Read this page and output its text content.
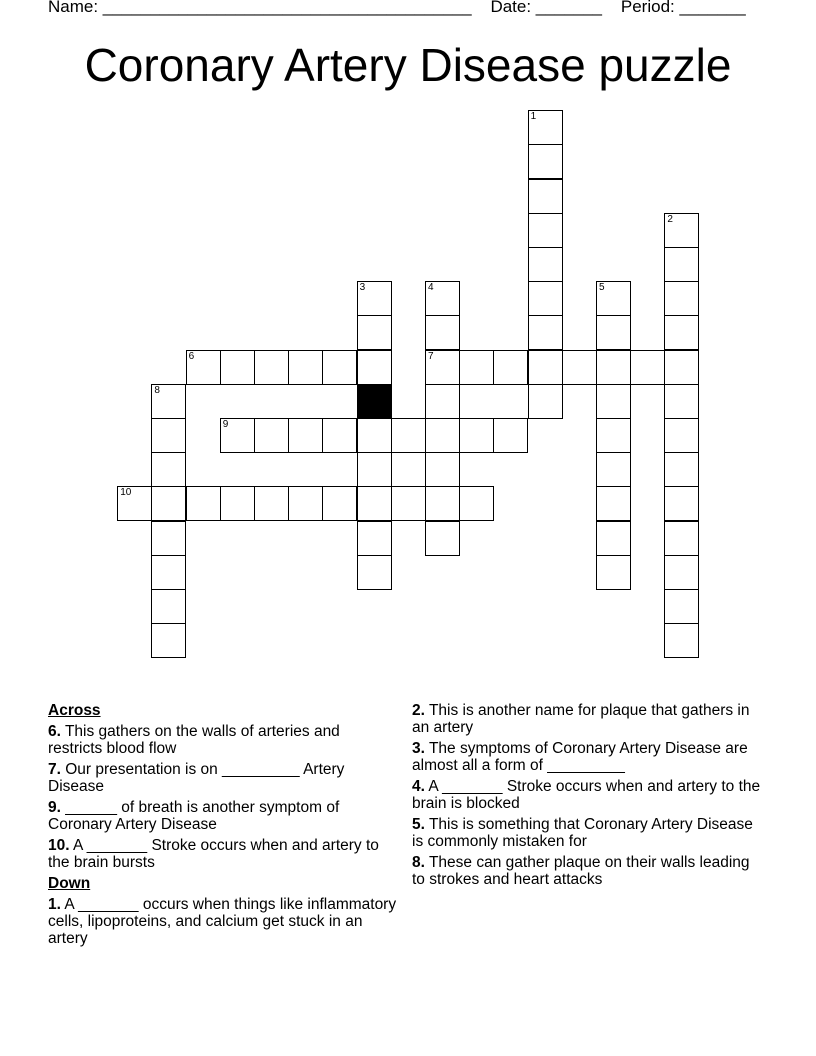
Name: _______________________________________ Date: _______ Period: _______
Coronary Artery Disease puzzle
1
2
3	4
7
5
6
8
9
10
Across
6. This gathers on the walls of arteries and restricts blood flow
7. Our presentation is on _________ Artery Disease
9. ______ of breath is another symptom of Coronary Artery Disease
10. A _______ Stroke occurs when and artery to the brain bursts
Down
1. A _______ occurs when things like inflammatory cells, lipoproteins, and calcium get stuck in an artery
2. This is another name for plaque that gathers in an artery
3. The symptoms of Coronary Artery Disease are almost all a form of _________
4. A _______ Stroke occurs when and artery to the brain is blocked
5. This is something that Coronary Artery Disease is commonly mistaken for
8. These can gather plaque on their walls leading to strokes and heart attacks
